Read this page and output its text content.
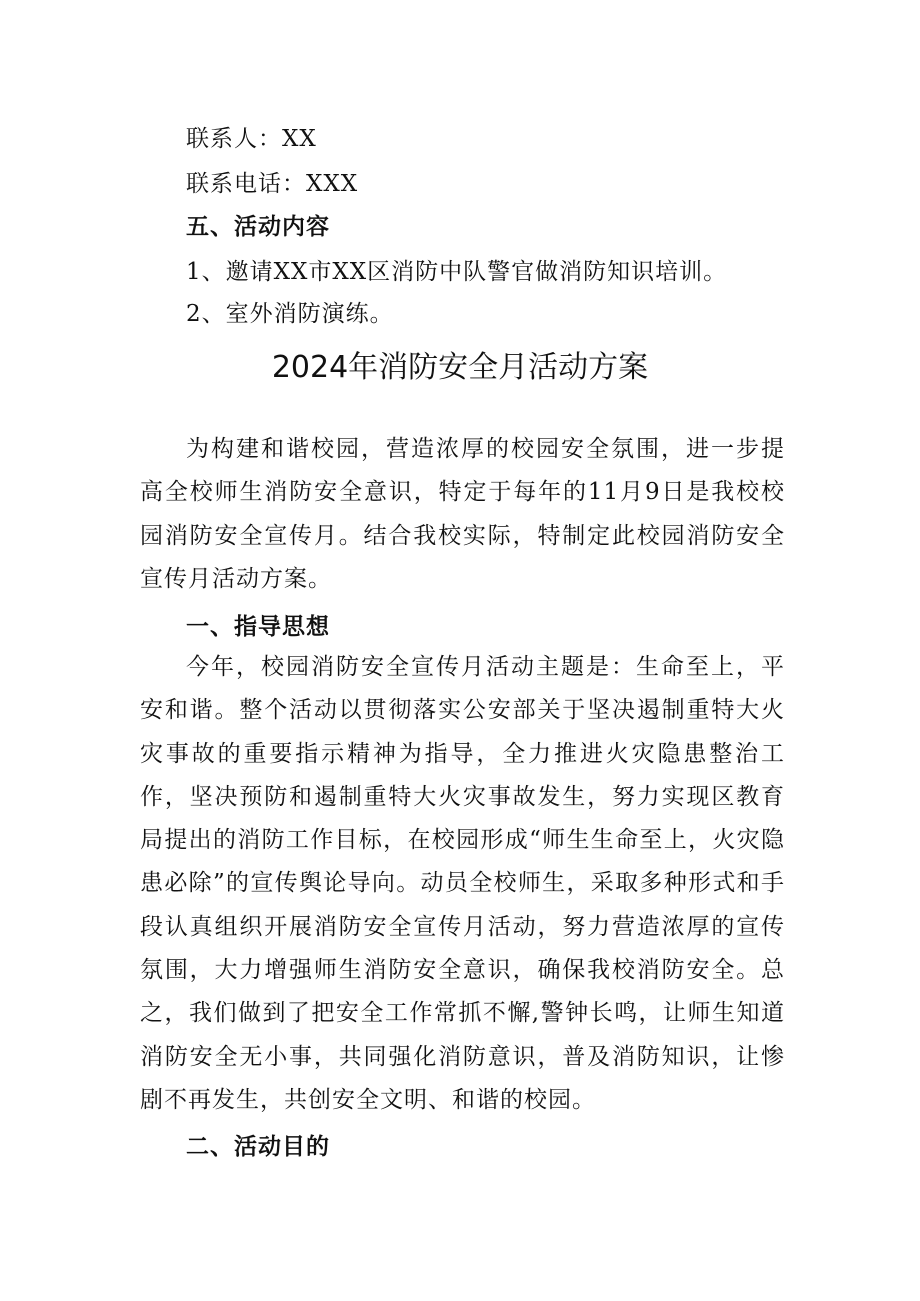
联系人：XX
联系电话：XXX
五、活动内容
1、邀请XX市XX区消防中队警官做消防知识培训。
2、室外消防演练。
2024年消防安全月活动方案
为构建和谐校园，营造浓厚的校园安全氛围，进一步提高全校师生消防安全意识，特定于每年的11月9日是我校校园消防安全宣传月。结合我校实际，特制定此校园消防安全宣传月活动方案。
一、指导思想
今年，校园消防安全宣传月活动主题是：生命至上，平安和谐。整个活动以贯彻落实公安部关于坚决遏制重特大火灾事故的重要指示精神为指导，全力推进火灾隐患整治工作，坚决预防和遏制重特大火灾事故发生，努力实现区教育局提出的消防工作目标，在校园形成“师生生命至上，火灾隐患必除”的宣传舆论导向。动员全校师生，采取多种形式和手段认真组织开展消防安全宣传月活动，努力营造浓厚的宣传氛围，大力增强师生消防安全意识，确保我校消防安全。总之，我们做到了把安全工作常抓不懈,警钟长鸣，让师生知道消防安全无小事，共同强化消防意识，普及消防知识，让惨剧不再发生，共创安全文明、和谐的校园。
二、活动目的
